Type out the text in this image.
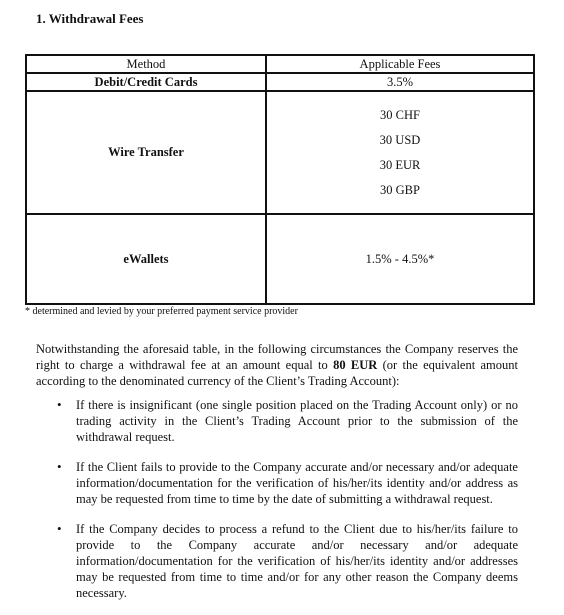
1. Withdrawal Fees
Method	Applicable Fees
Debit/Credit Cards	3.5%
Wire Transfer	30 CHF
30 USD
30 EUR
30 GBP

eWallets	1.5% - 4.5%*
* determined and levied by your preferred payment service provider
Notwithstanding the aforesaid table, in the following circumstances the Company reserves the right to charge a withdrawal fee at an amount equal to 80 EUR (or the equivalent amount according to the denominated currency of the Client’s Trading Account):
• If there is insignificant (one single position placed on the Trading Account only) or no trading activity in the Client’s Trading Account prior to the submission of the withdrawal request.
• If the Client fails to provide to the Company accurate and/or necessary and/or adequate information/documentation for the verification of his/her/its identity and/or address as may be requested from time to time by the date of submitting a withdrawal request.
• If the Company decides to process a refund to the Client due to his/her/its failure to provide to the Company accurate and/or necessary and/or adequate information/documentation for the verification of his/her/its identity and/or addresses may be requested from time to time and/or for any other reason the Company deems necessary.
